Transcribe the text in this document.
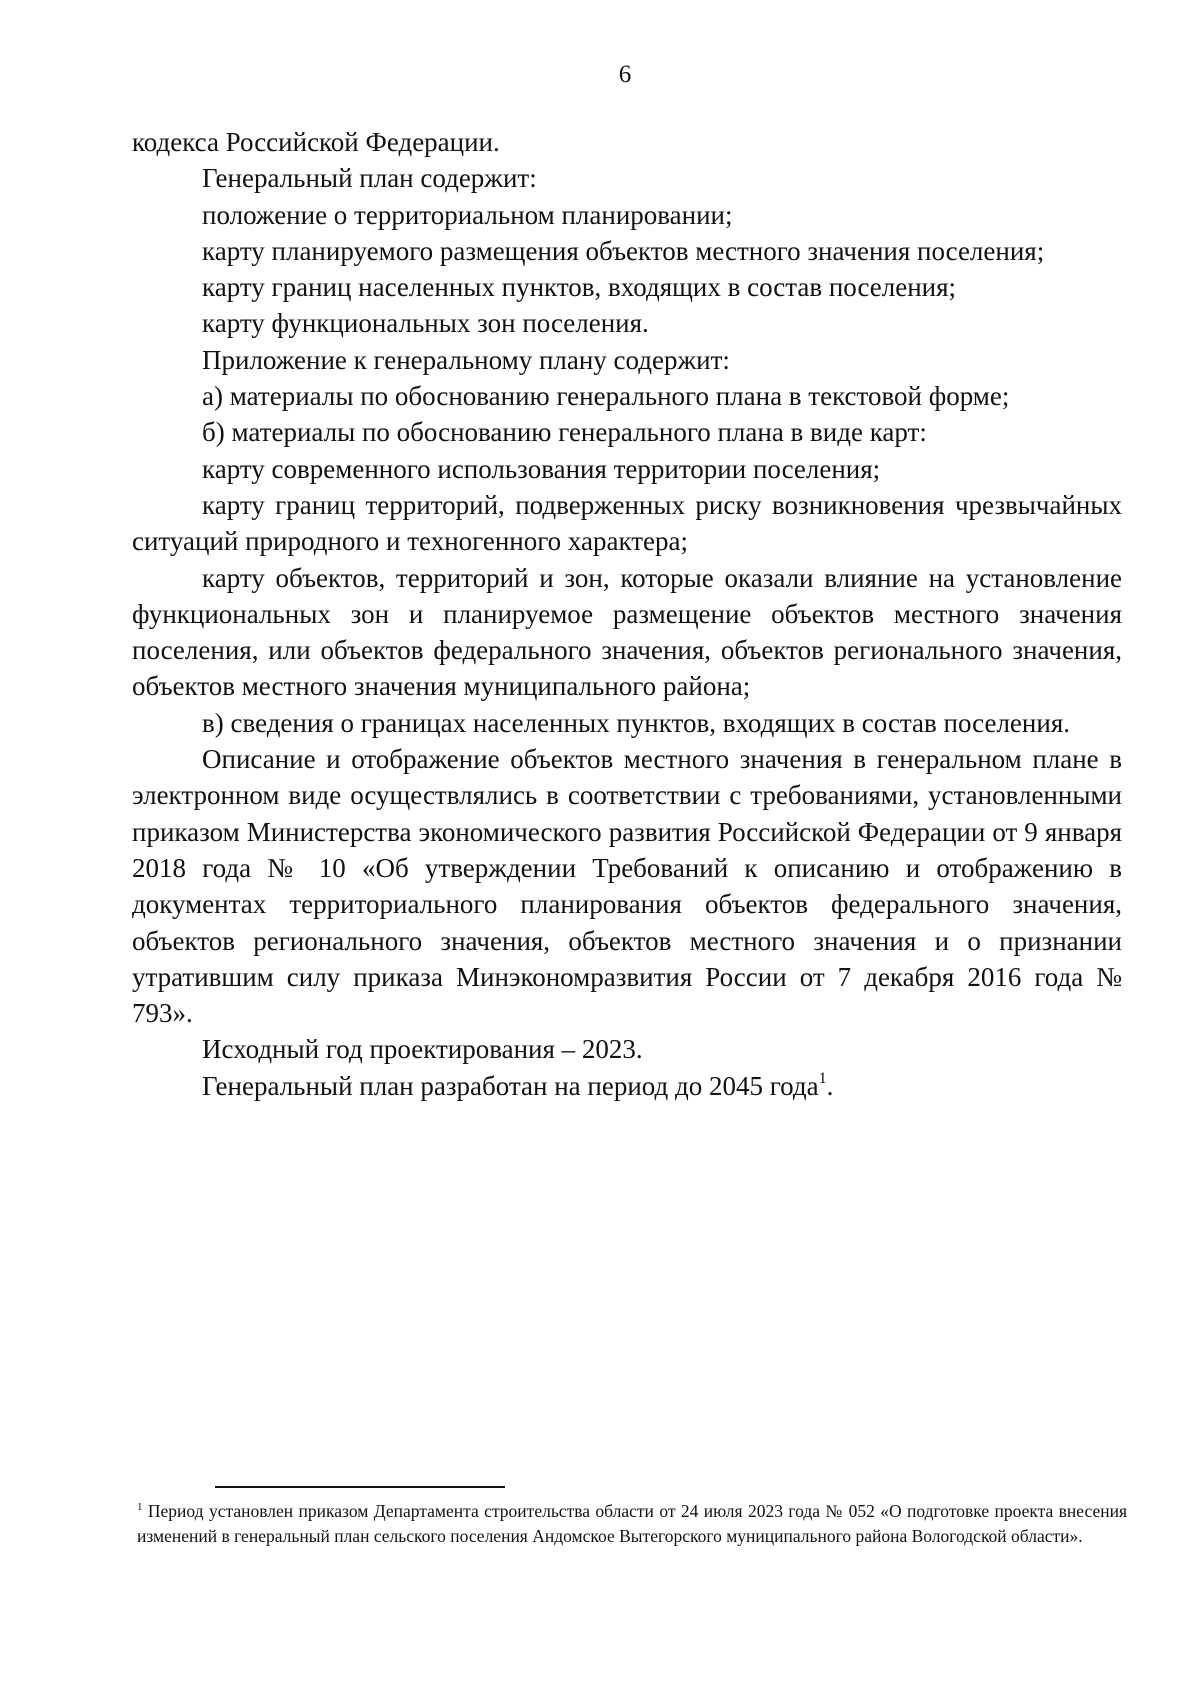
6

кодекса Российской Федерации.

Генеральный план содержит:

положение о территориальном планировании;

карту планируемого размещения объектов местного значения поселения;

карту границ населенных пунктов, входящих в состав поселения;

карту функциональных зон поселения.

Приложение к генеральному плану содержит:

а) материалы по обоснованию генерального плана в текстовой форме;

б) материалы по обоснованию генерального плана в виде карт:

карту современного использования территории поселения;

карту границ территорий, подверженных риску возникновения чрезвычайных ситуаций природного и техногенного характера;

карту объектов, территорий и зон, которые оказали влияние на установление функциональных зон и планируемое размещение объектов местного значения поселения, или объектов федерального значения, объектов регионального значения, объектов местного значения муниципального района;

в) сведения о границах населенных пунктов, входящих в состав поселения.

Описание и отображение объектов местного значения в генеральном плане в электронном виде осуществлялись в соответствии с требованиями, установленными приказом Министерства экономического развития Российской Федерации от 9 января 2018 года № 10 «Об утверждении Требований к описанию и отображению в документах территориального планирования объектов федерального значения, объектов регионального значения, объектов местного значения и о признании утратившим силу приказа Минэкономразвития России от 7 декабря 2016 года № 793».

Исходный год проектирования – 2023.

Генеральный план разработан на период до 2045 года$^1$.

$^1$ Период установлен приказом Департамента строительства области от 24 июля 2023 года № 052 «О подготовке проекта внесения изменений в генеральный план сельского поселения Андомское Вытегорского муниципального района Вологодской области».
